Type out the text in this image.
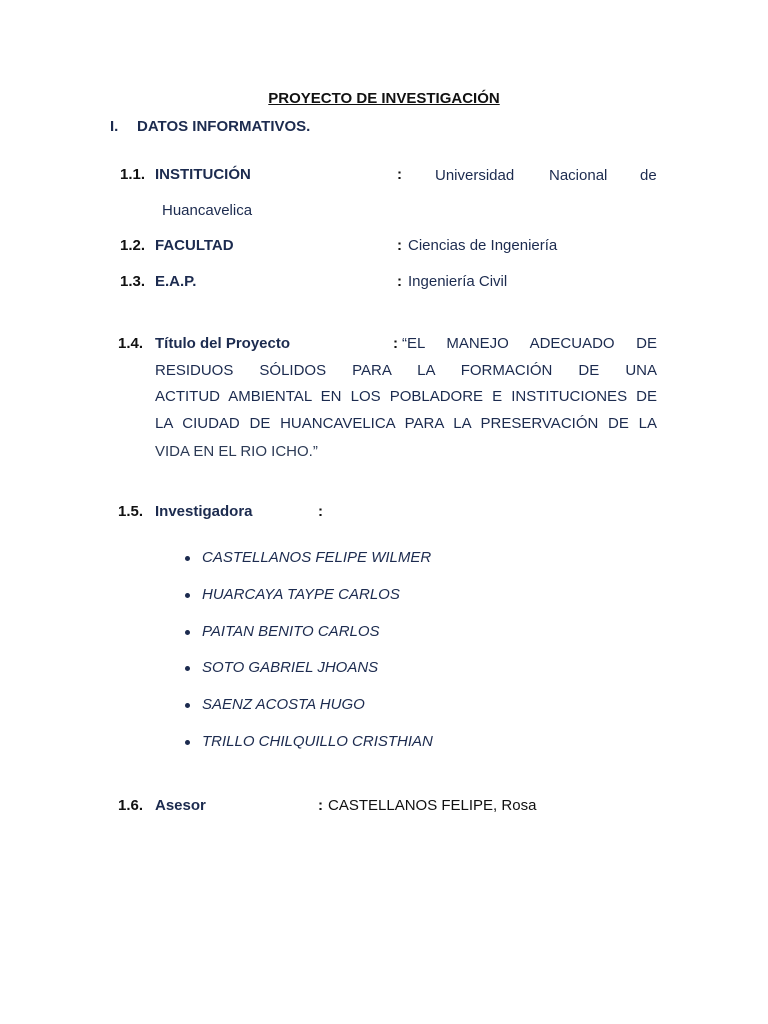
PROYECTO DE INVESTIGACIÓN
I. DATOS INFORMATIVOS.
1.1. INSTITUCIÓN	: Universidad Nacional de
Huancavelica
1.2. FACULTAD	: Ciencias de Ingeniería
1.3. E.A.P.	: Ingeniería Civil
1.4. Título del Proyecto	: “EL MANEJO ADECUADO DE
RESIDUOS SÓLIDOS PARA LA FORMACIÓN DE UNA
ACTITUD AMBIENTAL EN LOS POBLADORE E INSTITUCIONES DE
LA CIUDAD DE HUANCAVELICA PARA LA PRESERVACIÓN DE LA
VIDA EN EL RIO ICHO.”
1.5. Investigadora	:
CASTELLANOS FELIPE WILMER
HUARCAYA TAYPE CARLOS
PAITAN BENITO CARLOS
SOTO GABRIEL JHOANS
SAENZ ACOSTA HUGO
TRILLO CHILQUILLO CRISTHIAN
1.6. Asesor	: CASTELLANOS FELIPE, Rosa
